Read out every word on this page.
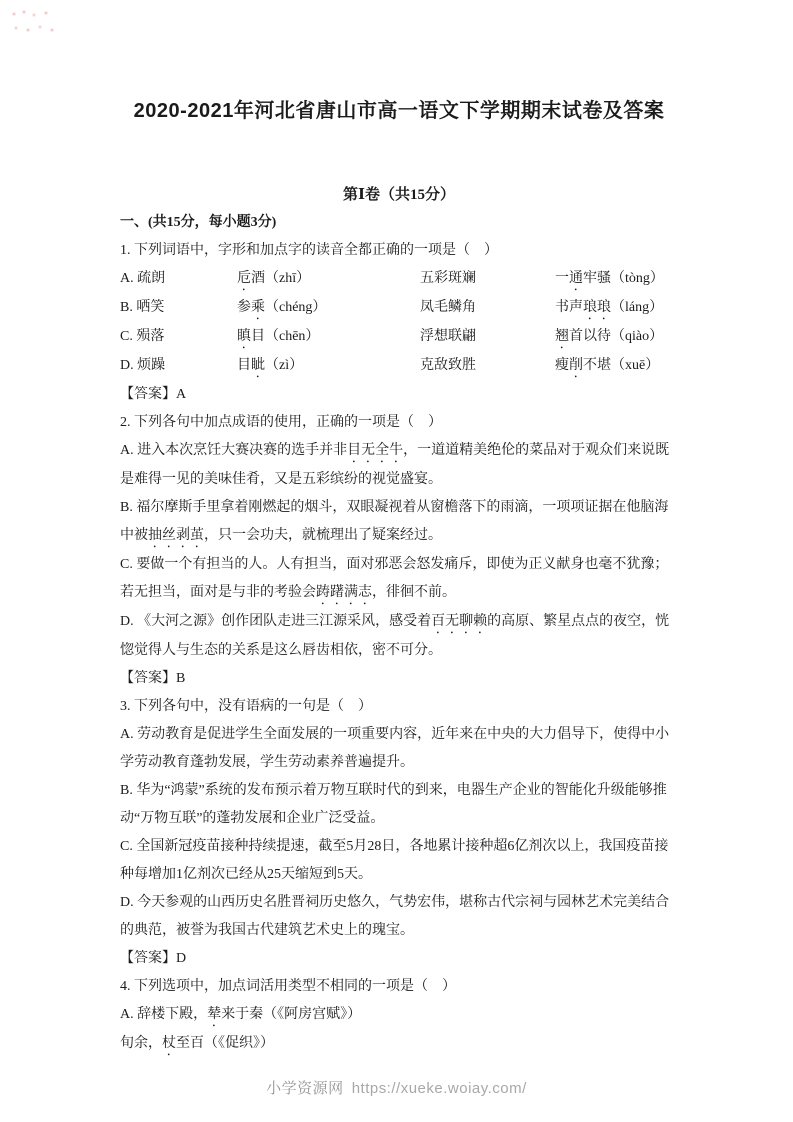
2020-2021年河北省唐山市高一语文下学期期末试卷及答案
第Ⅰ卷（共15分）
一、(共15分，每小题3分)

1. 下列词语中，字形和加点字的读音全都正确的一项是（　）

A. 疏朗	卮酒（zhī）	五彩斑斓	一通牢骚（tòng）
B. 哂笑	参乘（chéng）	凤毛鳞角	书声琅琅（láng）
C. 殒落	瞋目（chēn）	浮想联翩	翘首以待（qiào）
D. 烦躁	目眦（zì）	克敌致胜	瘦削不堪（xuē）

【答案】A

2. 下列各句中加点成语的使用，正确的一项是（　）

A. 进入本次烹饪大赛决赛的选手并非目无全牛，一道道精美绝伦的菜品对于观众们来说既是难得一见的美味佳肴，又是五彩缤纷的视觉盛宴。

B. 福尔摩斯手里拿着刚燃起的烟斗，双眼凝视着从窗檐落下的雨滴，一项项证据在他脑海中被抽丝剥茧，只一会功夫，就梳理出了疑案经过。

C. 要做一个有担当的人。人有担当，面对邪恶会怒发痛斥，即使为正义献身也毫不犹豫；若无担当，面对是与非的考验会踌躇满志，徘徊不前。

D. 《大河之源》创作团队走进三江源采风，感受着百无聊赖的高原、繁星点点的夜空，恍惚觉得人与生态的关系是这么唇齿相依，密不可分。

【答案】B

3. 下列各句中，没有语病的一句是（　）

A. 劳动教育是促进学生全面发展的一项重要内容，近年来在中央的大力倡导下，使得中小学劳动教育蓬勃发展，学生劳动素养普遍提升。

B. 华为“鸿蒙”系统的发布预示着万物互联时代的到来，电器生产企业的智能化升级能够推动“万物互联”的蓬勃发展和企业广泛受益。

C. 全国新冠疫苗接种持续提速，截至5月28日，各地累计接种超6亿剂次以上，我国疫苗接种每增加1亿剂次已经从25天缩短到5天。

D. 今天参观的山西历史名胜晋祠历史悠久，气势宏伟，堪称古代宗祠与园林艺术完美结合的典范，被誉为我国古代建筑艺术史上的瑰宝。

【答案】D

4. 下列选项中，加点词活用类型不相同的一项是（　）

A. 辞楼下殿，辇来于秦（《阿房宫赋》）

旬余，杖至百（《促织》）

小学资源网 https://xueke.woiay.com/
